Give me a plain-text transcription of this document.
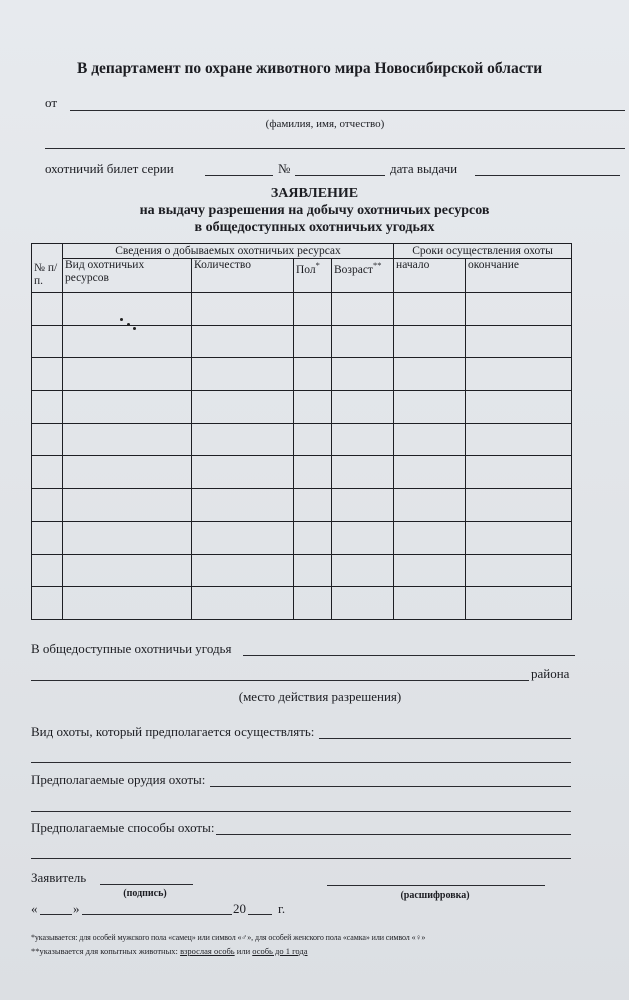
В департамент по охране животного мира Новосибирской области
от
(фамилия, имя, отчество)
охотничий билет серии	№	дата выдачи
ЗАЯВЛЕНИЕ
на выдачу разрешения на добычу охотничьих ресурсов
в общедоступных охотничьих угодьях
№ п/п.	Сведения о добываемых охотничьих ресурсах				Сроки осуществления охоты	
	Вид охотничьих ресурсов	Количество	Пол*	Возраст**	начало	окончание

В общедоступные охотничьи угодья
района
(место действия разрешения)
Вид охоты, который предполагается осуществлять:
Предполагаемые орудия охоты:
Предполагаемые способы охоты:
Заявитель
(подпись)	(расшифровка)
«	»	20 г.
*указывается: для особей мужского пола «самец» или символ «♂», для особей женского пола «самка» или символ «♀»
**указывается для копытных животных: взрослая особь или особь до 1 года
